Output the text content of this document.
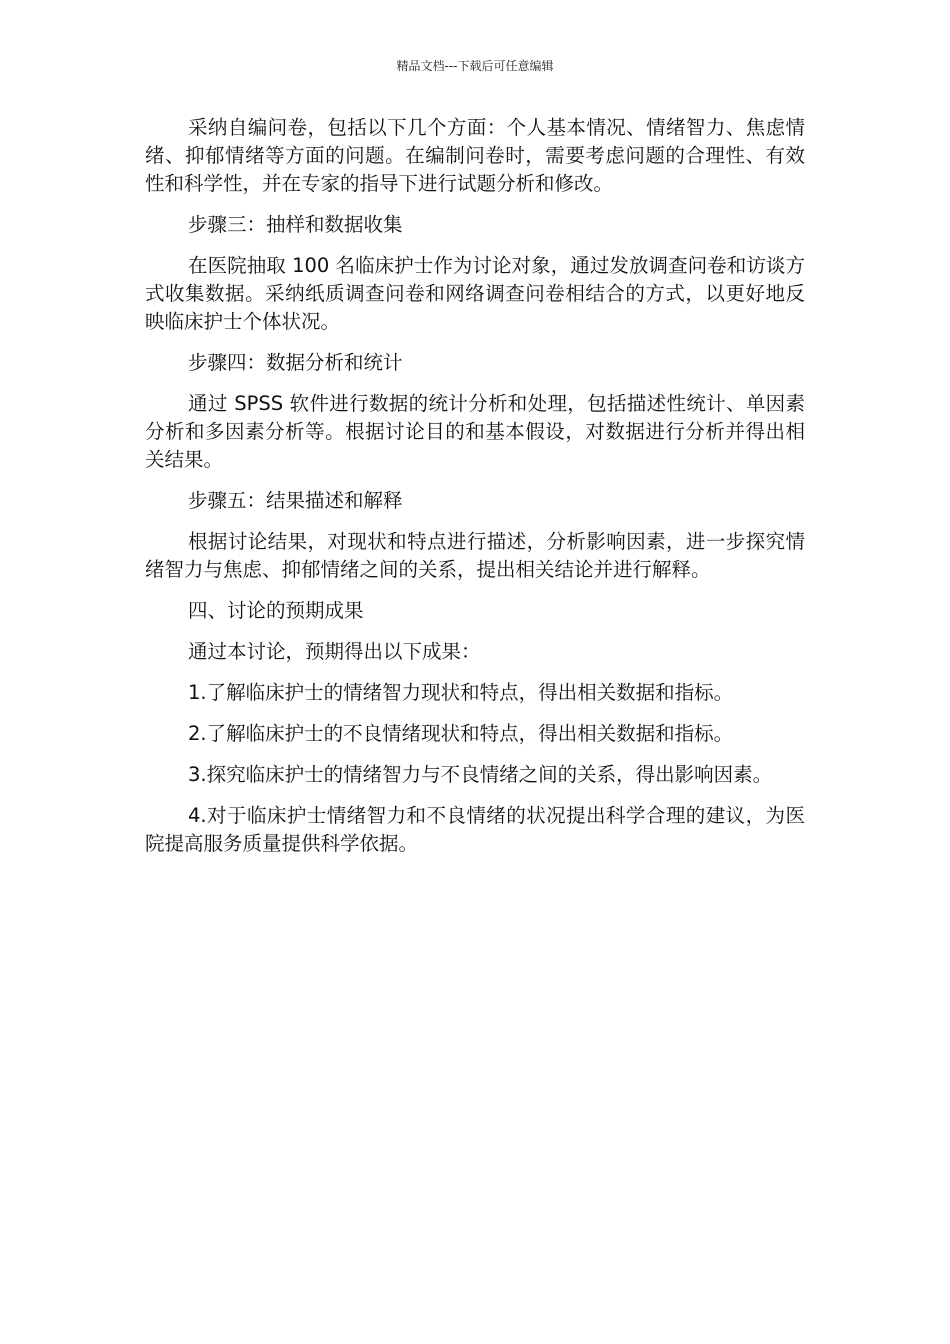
精品文档---下载后可任意编辑

采纳自编问卷，包括以下几个方面：个人基本情况、情绪智力、焦虑情绪、抑郁情绪等方面的问题。在编制问卷时，需要考虑问题的合理性、有效性和科学性，并在专家的指导下进行试题分析和修改。

步骤三：抽样和数据收集

在医院抽取 100 名临床护士作为讨论对象，通过发放调查问卷和访谈方式收集数据。采纳纸质调查问卷和网络调查问卷相结合的方式，以更好地反映临床护士个体状况。

步骤四：数据分析和统计

通过 SPSS 软件进行数据的统计分析和处理，包括描述性统计、单因素分析和多因素分析等。根据讨论目的和基本假设，对数据进行分析并得出相关结果。

步骤五：结果描述和解释

根据讨论结果，对现状和特点进行描述，分析影响因素，进一步探究情绪智力与焦虑、抑郁情绪之间的关系，提出相关结论并进行解释。

四、讨论的预期成果

通过本讨论，预期得出以下成果：

1.了解临床护士的情绪智力现状和特点，得出相关数据和指标。

2.了解临床护士的不良情绪现状和特点，得出相关数据和指标。

3.探究临床护士的情绪智力与不良情绪之间的关系，得出影响因素。

4.对于临床护士情绪智力和不良情绪的状况提出科学合理的建议，为医院提高服务质量提供科学依据。
